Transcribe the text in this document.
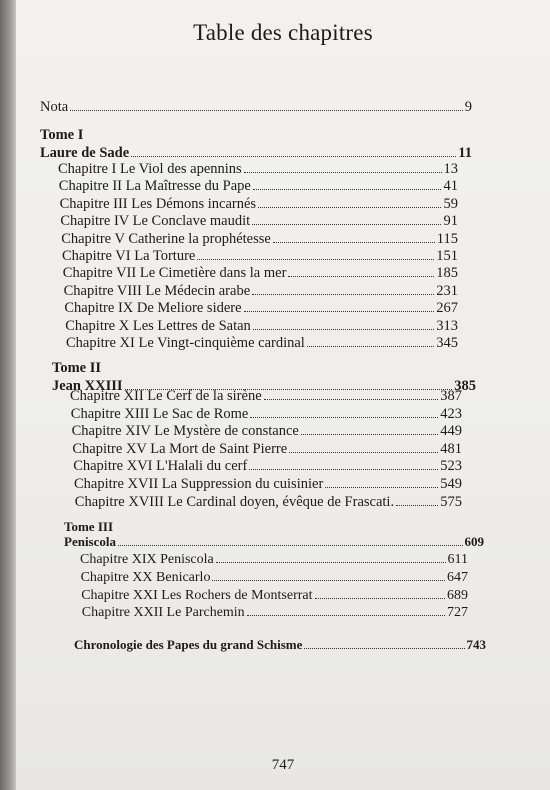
Table des chapitres
Nota	9
Tome I
Laure de Sade	11
Chapitre I Le Viol des apennins	13
Chapitre II La Maîtresse du Pape	41
Chapitre III Les Démons incarnés	59
Chapitre IV Le Conclave maudit	91
Chapitre V Catherine la prophétesse	115
Chapitre VI La Torture	151
Chapitre VII Le Cimetière dans la mer	185
Chapitre VIII Le Médecin arabe	231
Chapitre IX De Meliore sidere	267
Chapitre X Les Lettres de Satan	313
Chapitre XI Le Vingt-cinquième cardinal	345
Tome II
Jean XXIII	385
Chapitre XII Le Cerf de la sirène	387
Chapitre XIII Le Sac de Rome	423
Chapitre XIV Le Mystère de constance	449
Chapitre XV La Mort de Saint Pierre	481
Chapitre XVI L'Halali du cerf	523
Chapitre XVII La Suppression du cuisinier	549
Chapitre XVIII Le Cardinal doyen, évêque de Frascati.	575
Tome III
Peniscola	609
Chapitre XIX Peniscola	611
Chapitre XX Benicarlo	647
Chapitre XXI Les Rochers de Montserrat	689
Chapitre XXII Le Parchemin	727
Chronologie des Papes du grand Schisme	743
747
